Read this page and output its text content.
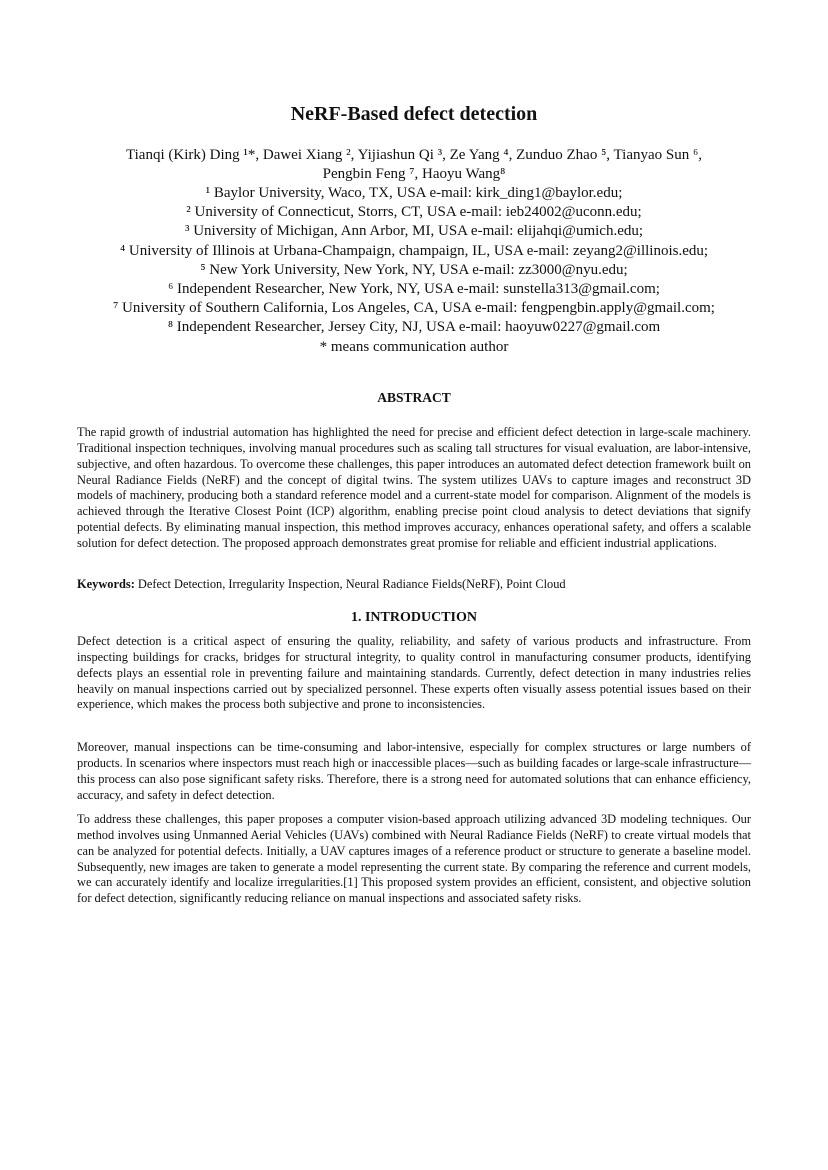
NeRF-Based defect detection
Tianqi (Kirk) Ding ¹*, Dawei Xiang ², Yijiashun Qi ³, Ze Yang ⁴, Zunduo Zhao ⁵, Tianyao Sun ⁶,
Pengbin Feng ⁷, Haoyu Wang⁸
¹ Baylor University, Waco, TX, USA e-mail: kirk_ding1@baylor.edu;
² University of Connecticut, Storrs, CT, USA e-mail: ieb24002@uconn.edu;
³ University of Michigan, Ann Arbor, MI, USA e-mail: elijahqi@umich.edu;
⁴ University of Illinois at Urbana-Champaign, champaign, IL, USA e-mail: zeyang2@illinois.edu;
⁵ New York University, New York, NY, USA e-mail: zz3000@nyu.edu;
⁶ Independent Researcher, New York, NY, USA e-mail: sunstella313@gmail.com;
⁷ University of Southern California, Los Angeles, CA, USA e-mail: fengpengbin.apply@gmail.com;
⁸ Independent Researcher, Jersey City, NJ, USA e-mail: haoyuw0227@gmail.com
* means communication author
ABSTRACT

The rapid growth of industrial automation has highlighted the need for precise and efficient defect detection in large-scale machinery. Traditional inspection techniques, involving manual procedures such as scaling tall structures for visual evaluation, are labor-intensive, subjective, and often hazardous. To overcome these challenges, this paper introduces an automated defect detection framework built on Neural Radiance Fields (NeRF) and the concept of digital twins. The system utilizes UAVs to capture images and reconstruct 3D models of machinery, producing both a standard reference model and a current-state model for comparison. Alignment of the models is achieved through the Iterative Closest Point (ICP) algorithm, enabling precise point cloud analysis to detect deviations that signify potential defects. By eliminating manual inspection, this method improves accuracy, enhances operational safety, and offers a scalable solution for defect detection. The proposed approach demonstrates great promise for reliable and efficient industrial applications.

Keywords: Defect Detection, Irregularity Inspection, Neural Radiance Fields(NeRF), Point Cloud
1. INTRODUCTION

Defect detection is a critical aspect of ensuring the quality, reliability, and safety of various products and infrastructure. From inspecting buildings for cracks, bridges for structural integrity, to quality control in manufacturing consumer products, identifying defects plays an essential role in preventing failure and maintaining standards. Currently, defect detection in many industries relies heavily on manual inspections carried out by specialized personnel. These experts often visually assess potential issues based on their experience, which makes the process both subjective and prone to inconsistencies.

Moreover, manual inspections can be time-consuming and labor-intensive, especially for complex structures or large numbers of products. In scenarios where inspectors must reach high or inaccessible places—such as building facades or large-scale infrastructure—this process can also pose significant safety risks. Therefore, there is a strong need for automated solutions that can enhance efficiency, accuracy, and safety in defect detection.

To address these challenges, this paper proposes a computer vision-based approach utilizing advanced 3D modeling techniques. Our method involves using Unmanned Aerial Vehicles (UAVs) combined with Neural Radiance Fields (NeRF) to create virtual models that can be analyzed for potential defects. Initially, a UAV captures images of a reference product or structure to generate a baseline model. Subsequently, new images are taken to generate a model representing the current state. By comparing the reference and current models, we can accurately identify and localize irregularities.[1] This proposed system provides an efficient, consistent, and objective solution for defect detection, significantly reducing reliance on manual inspections and associated safety risks.
